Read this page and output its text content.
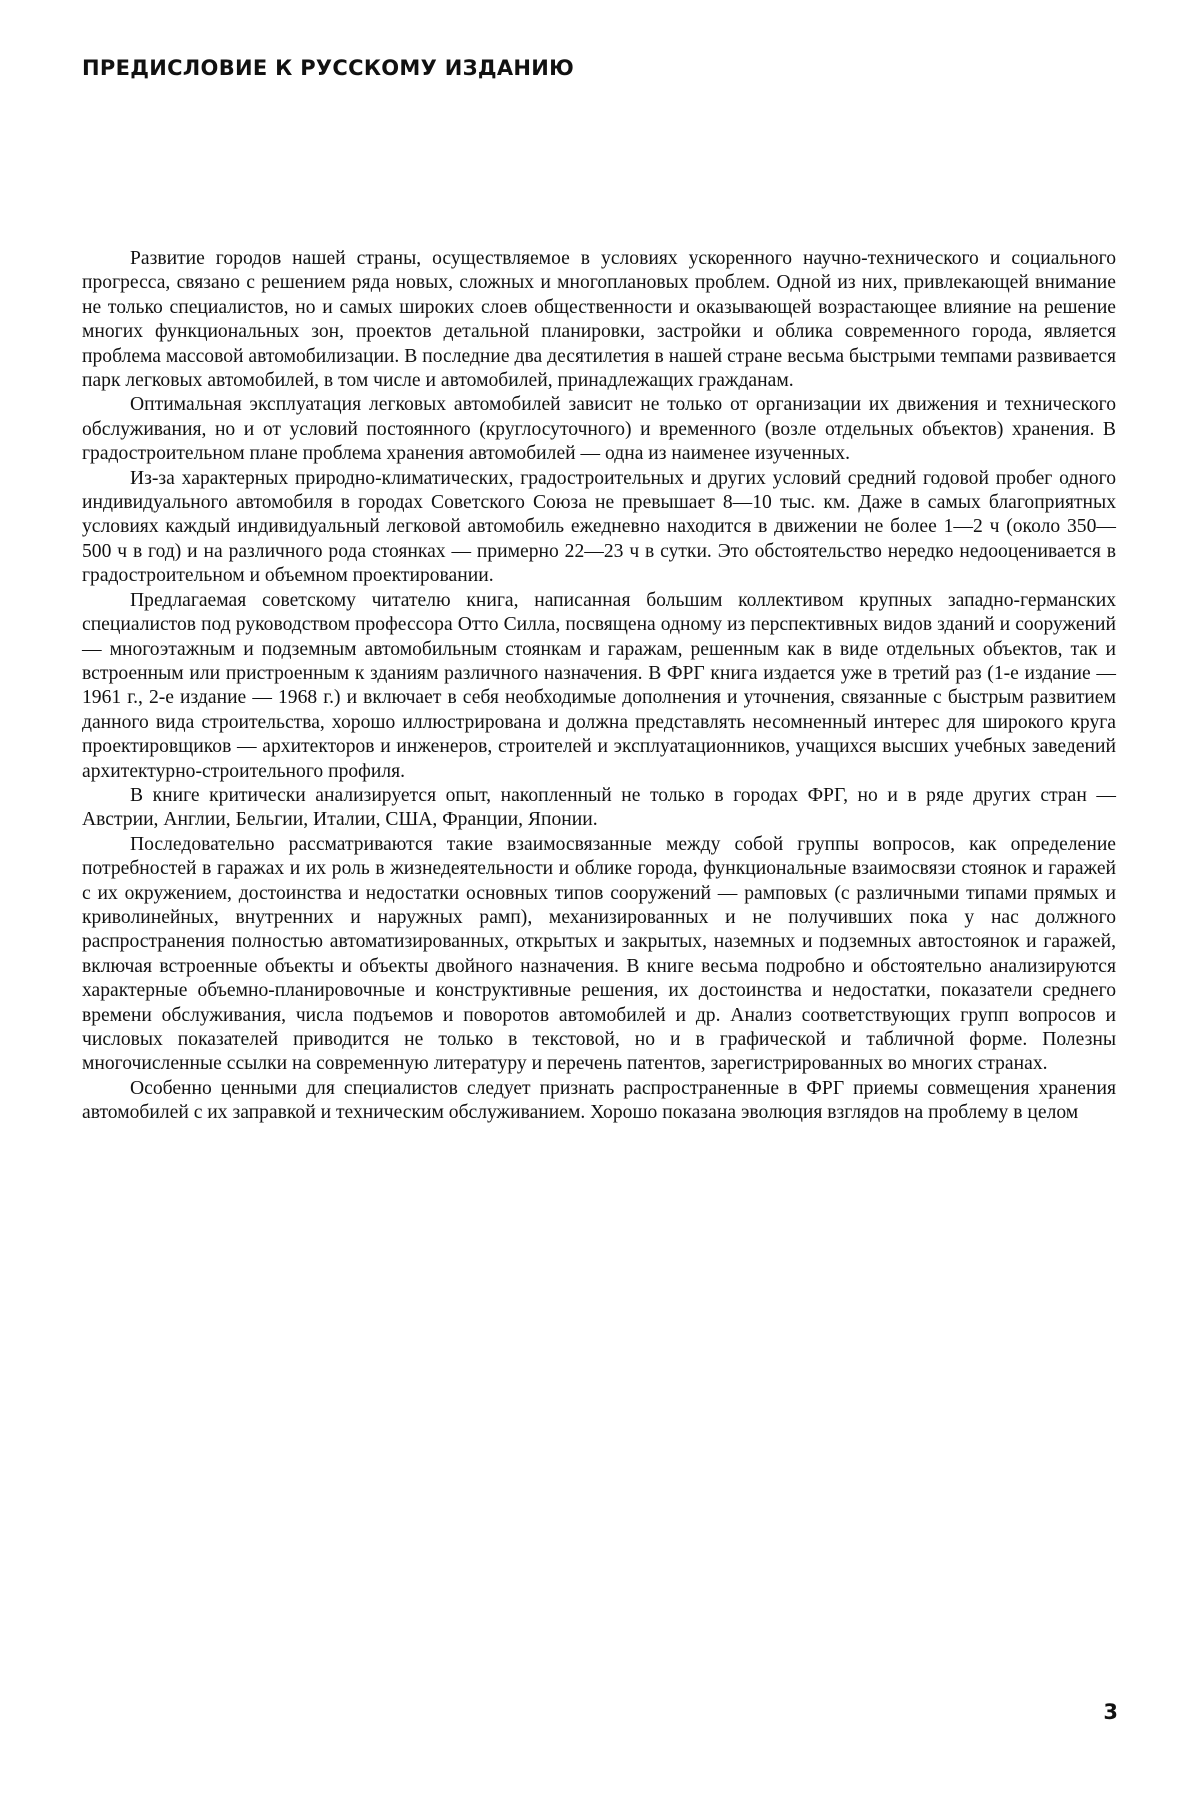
ПРЕДИСЛОВИЕ К РУССКОМУ ИЗДАНИЮ

Развитие городов нашей страны, осуществляемое в условиях ускоренного научно-технического и социального прогресса, связано с решением ряда новых, сложных и многоплановых проблем. Одной из них, привлекающей внимание не только специалистов, но и самых широких слоев общественности и оказывающей возрастающее влияние на решение многих функциональных зон, проектов детальной планировки, застройки и облика современного города, является проблема массовой автомобилизации. В последние два десятилетия в нашей стране весьма быстрыми темпами развивается парк легковых автомобилей, в том числе и автомобилей, принадлежащих гражданам.

Оптимальная эксплуатация легковых автомобилей зависит не только от организации их движения и технического обслуживания, но и от условий постоянного (круглосуточного) и временного (возле отдельных объектов) хранения. В градостроительном плане проблема хранения автомобилей — одна из наименее изученных.

Из-за характерных природно-климатических, градостроительных и других условий средний годовой пробег одного индивидуального автомобиля в городах Советского Союза не превышает 8—10 тыс. км. Даже в самых благоприятных условиях каждый индивидуальный легковой автомобиль ежедневно находится в движении не более 1—2 ч (около 350—500 ч в год) и на различного рода стоянках — примерно 22—23 ч в сутки. Это обстоятельство нередко недооценивается в градостроительном и объемном проектировании.

Предлагаемая советскому читателю книга, написанная большим коллективом крупных западно-германских специалистов под руководством профессора Отто Силла, посвящена одному из перспективных видов зданий и сооружений — многоэтажным и подземным автомобильным стоянкам и гаражам, решенным как в виде отдельных объектов, так и встроенным или пристроенным к зданиям различного назначения. В ФРГ книга издается уже в третий раз (1-е издание — 1961 г., 2-е издание — 1968 г.) и включает в себя необходимые дополнения и уточнения, связанные с быстрым развитием данного вида строительства, хорошо иллюстрирована и должна представлять несомненный интерес для широкого круга проектировщиков — архитекторов и инженеров, строителей и эксплуатационников, учащихся высших учебных заведений архитектурно-строительного профиля.

В книге критически анализируется опыт, накопленный не только в городах ФРГ, но и в ряде других стран — Австрии, Англии, Бельгии, Италии, США, Франции, Японии.

Последовательно рассматриваются такие взаимосвязанные между собой группы вопросов, как определение потребностей в гаражах и их роль в жизнедеятельности и облике города, функциональные взаимосвязи стоянок и гаражей с их окружением, достоинства и недостатки основных типов сооружений — рамповых (с различными типами прямых и криволинейных, внутренних и наружных рамп), механизированных и не получивших пока у нас должного распространения полностью автоматизированных, открытых и закрытых, наземных и подземных автостоянок и гаражей, включая встроенные объекты и объекты двойного назначения. В книге весьма подробно и обстоятельно анализируются характерные объемно-планировочные и конструктивные решения, их достоинства и недостатки, показатели среднего времени обслуживания, числа подъемов и поворотов автомобилей и др. Анализ соответствующих групп вопросов и числовых показателей приводится не только в текстовой, но и в графической и табличной форме. Полезны многочисленные ссылки на современную литературу и перечень патентов, зарегистрированных во многих странах.

Особенно ценными для специалистов следует признать распространенные в ФРГ приемы совмещения хранения автомобилей с их заправкой и техническим обслуживанием. Хорошо показана эволюция взглядов на проблему в целом

3
